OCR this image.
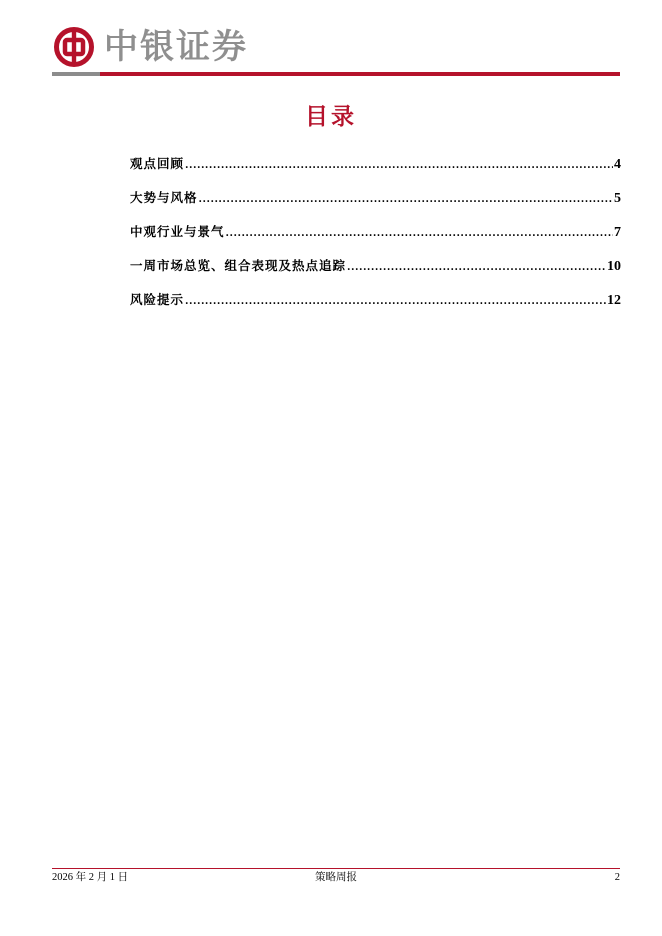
中银证券
目录
观点回顾 .....	4
大势与风格 .....	5
中观行业与景气 .....	7
一周市场总览、组合表现及热点追踪 .....	10
风险提示 .....	12
2026 年 2 月 1 日	策略周报	2
